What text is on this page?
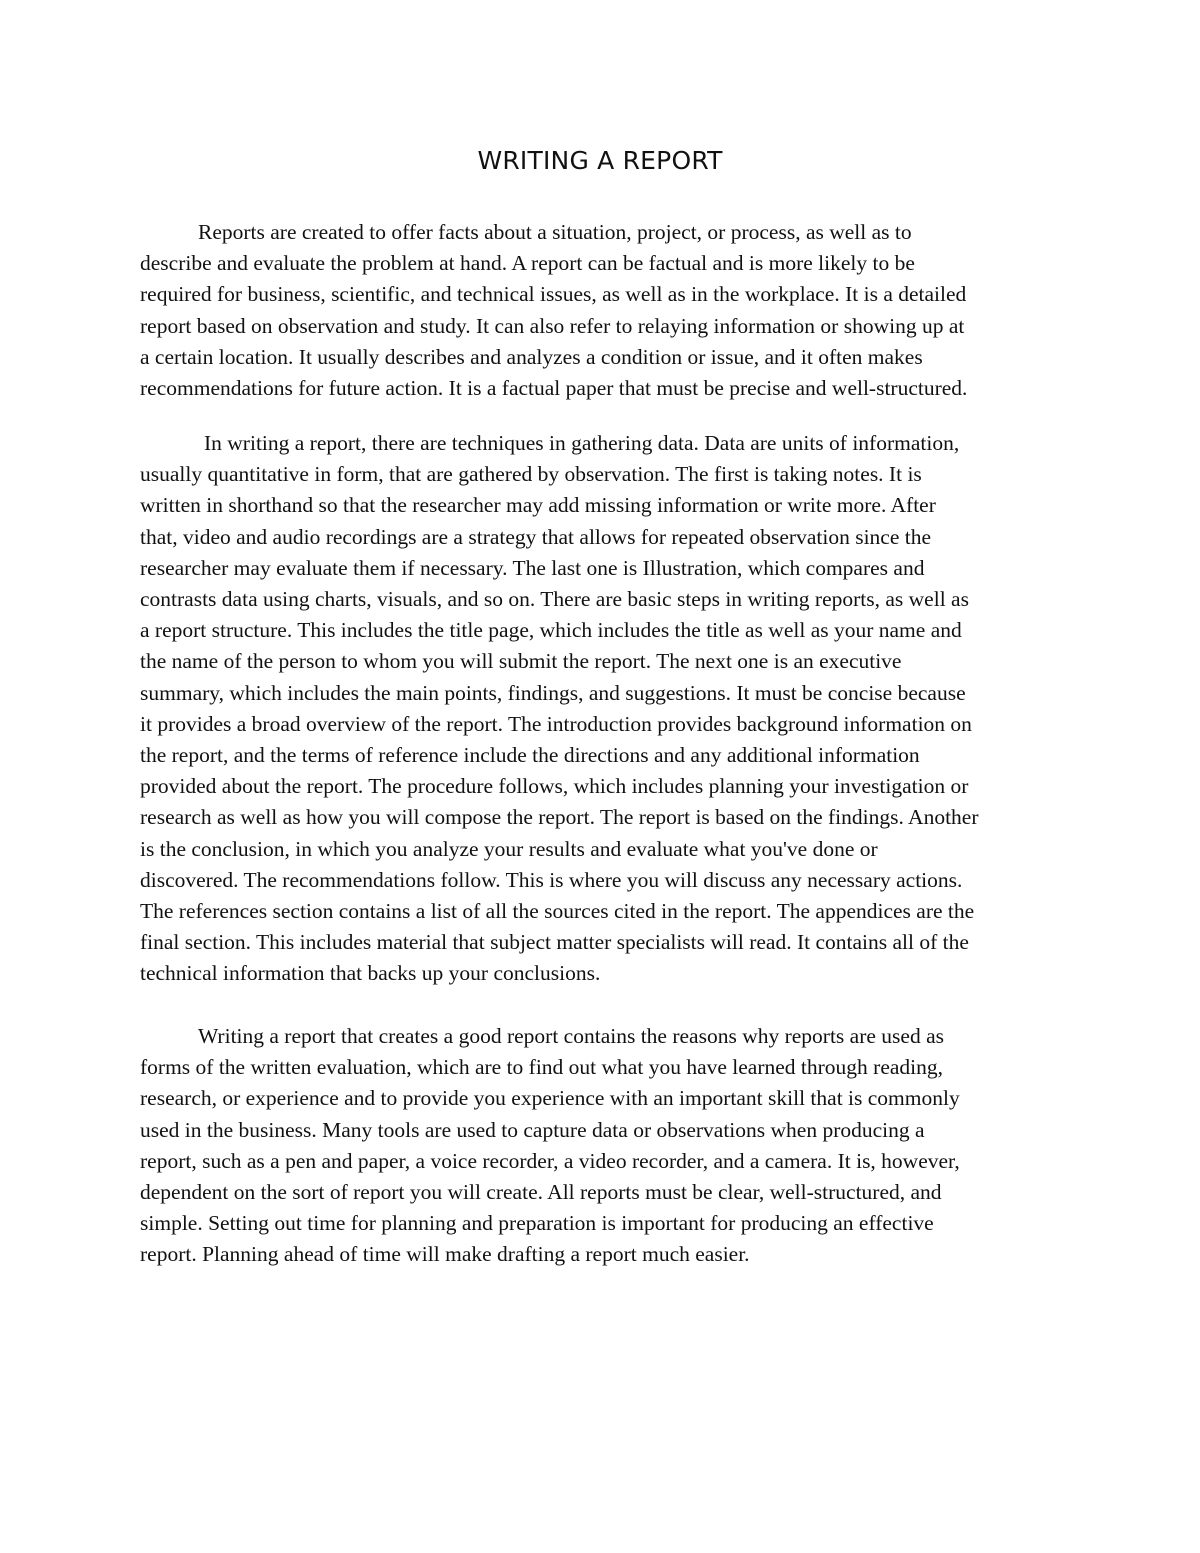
WRITING A REPORT

Reports are created to offer facts about a situation, project, or process, as well as to
describe and evaluate the problem at hand. A report can be factual and is more likely to be
required for business, scientific, and technical issues, as well as in the workplace. It is a detailed
report based on observation and study. It can also refer to relaying information or showing up at
a certain location. It usually describes and analyzes a condition or issue, and it often makes
recommendations for future action. It is a factual paper that must be precise and well-structured.

In writing a report, there are techniques in gathering data. Data are units of information,
usually quantitative in form, that are gathered by observation. The first is taking notes. It is
written in shorthand so that the researcher may add missing information or write more. After
that, video and audio recordings are a strategy that allows for repeated observation since the
researcher may evaluate them if necessary. The last one is Illustration, which compares and
contrasts data using charts, visuals, and so on. There are basic steps in writing reports, as well as
a report structure. This includes the title page, which includes the title as well as your name and
the name of the person to whom you will submit the report. The next one is an executive
summary, which includes the main points, findings, and suggestions. It must be concise because
it provides a broad overview of the report. The introduction provides background information on
the report, and the terms of reference include the directions and any additional information
provided about the report. The procedure follows, which includes planning your investigation or
research as well as how you will compose the report. The report is based on the findings. Another
is the conclusion, in which you analyze your results and evaluate what you've done or
discovered. The recommendations follow. This is where you will discuss any necessary actions.
The references section contains a list of all the sources cited in the report. The appendices are the
final section. This includes material that subject matter specialists will read. It contains all of the
technical information that backs up your conclusions.

Writing a report that creates a good report contains the reasons why reports are used as
forms of the written evaluation, which are to find out what you have learned through reading,
research, or experience and to provide you experience with an important skill that is commonly
used in the business. Many tools are used to capture data or observations when producing a
report, such as a pen and paper, a voice recorder, a video recorder, and a camera. It is, however,
dependent on the sort of report you will create. All reports must be clear, well-structured, and
simple. Setting out time for planning and preparation is important for producing an effective
report. Planning ahead of time will make drafting a report much easier.
